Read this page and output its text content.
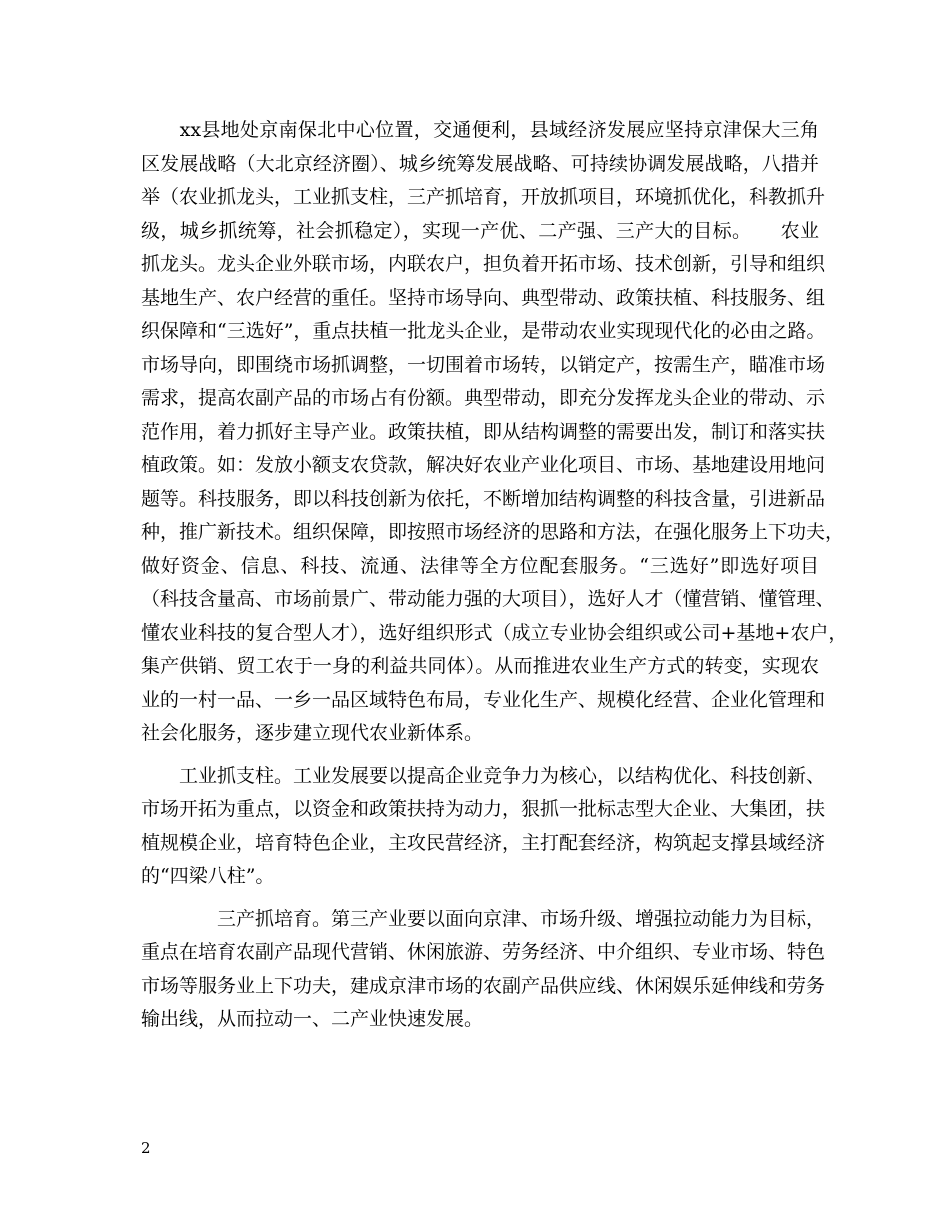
　　xx县地处京南保北中心位置，交通便利，县域经济发展应坚持京津保大三角
区发展战略（大北京经济圈）、城乡统筹发展战略、可持续协调发展战略，八措并
举（农业抓龙头，工业抓支柱，三产抓培育，开放抓项目，环境抓优化，科教抓升
级，城乡抓统筹，社会抓稳定），实现一产优、二产强、三产大的目标。　　农业
抓龙头。龙头企业外联市场，内联农户，担负着开拓市场、技术创新，引导和组织
基地生产、农户经营的重任。坚持市场导向、典型带动、政策扶植、科技服务、组
织保障和“三选好”，重点扶植一批龙头企业，是带动农业实现现代化的必由之路。
市场导向，即围绕市场抓调整，一切围着市场转，以销定产，按需生产，瞄准市场
需求，提高农副产品的市场占有份额。典型带动，即充分发挥龙头企业的带动、示
范作用，着力抓好主导产业。政策扶植，即从结构调整的需要出发，制订和落实扶
植政策。如：发放小额支农贷款，解决好农业产业化项目、市场、基地建设用地问
题等。科技服务，即以科技创新为依托，不断增加结构调整的科技含量，引进新品
种，推广新技术。组织保障，即按照市场经济的思路和方法，在强化服务上下功夫，
做好资金、信息、科技、流通、法律等全方位配套服务。“三选好”即选好项目
（科技含量高、市场前景广、带动能力强的大项目），选好人才（懂营销、懂管理、
懂农业科技的复合型人才），选好组织形式（成立专业协会组织或公司+基地+农户，
集产供销、贸工农于一身的利益共同体）。从而推进农业生产方式的转变，实现农
业的一村一品、一乡一品区域特色布局，专业化生产、规模化经营、企业化管理和
社会化服务，逐步建立现代农业新体系。
　　工业抓支柱。工业发展要以提高企业竞争力为核心，以结构优化、科技创新、
市场开拓为重点，以资金和政策扶持为动力，狠抓一批标志型大企业、大集团，扶
植规模企业，培育特色企业，主攻民营经济，主打配套经济，构筑起支撑县域经济
的“四梁八柱”。
　　　　三产抓培育。第三产业要以面向京津、市场升级、增强拉动能力为目标，
重点在培育农副产品现代营销、休闲旅游、劳务经济、中介组织、专业市场、特色
市场等服务业上下功夫，建成京津市场的农副产品供应线、休闲娱乐延伸线和劳务
输出线，从而拉动一、二产业快速发展。
2
